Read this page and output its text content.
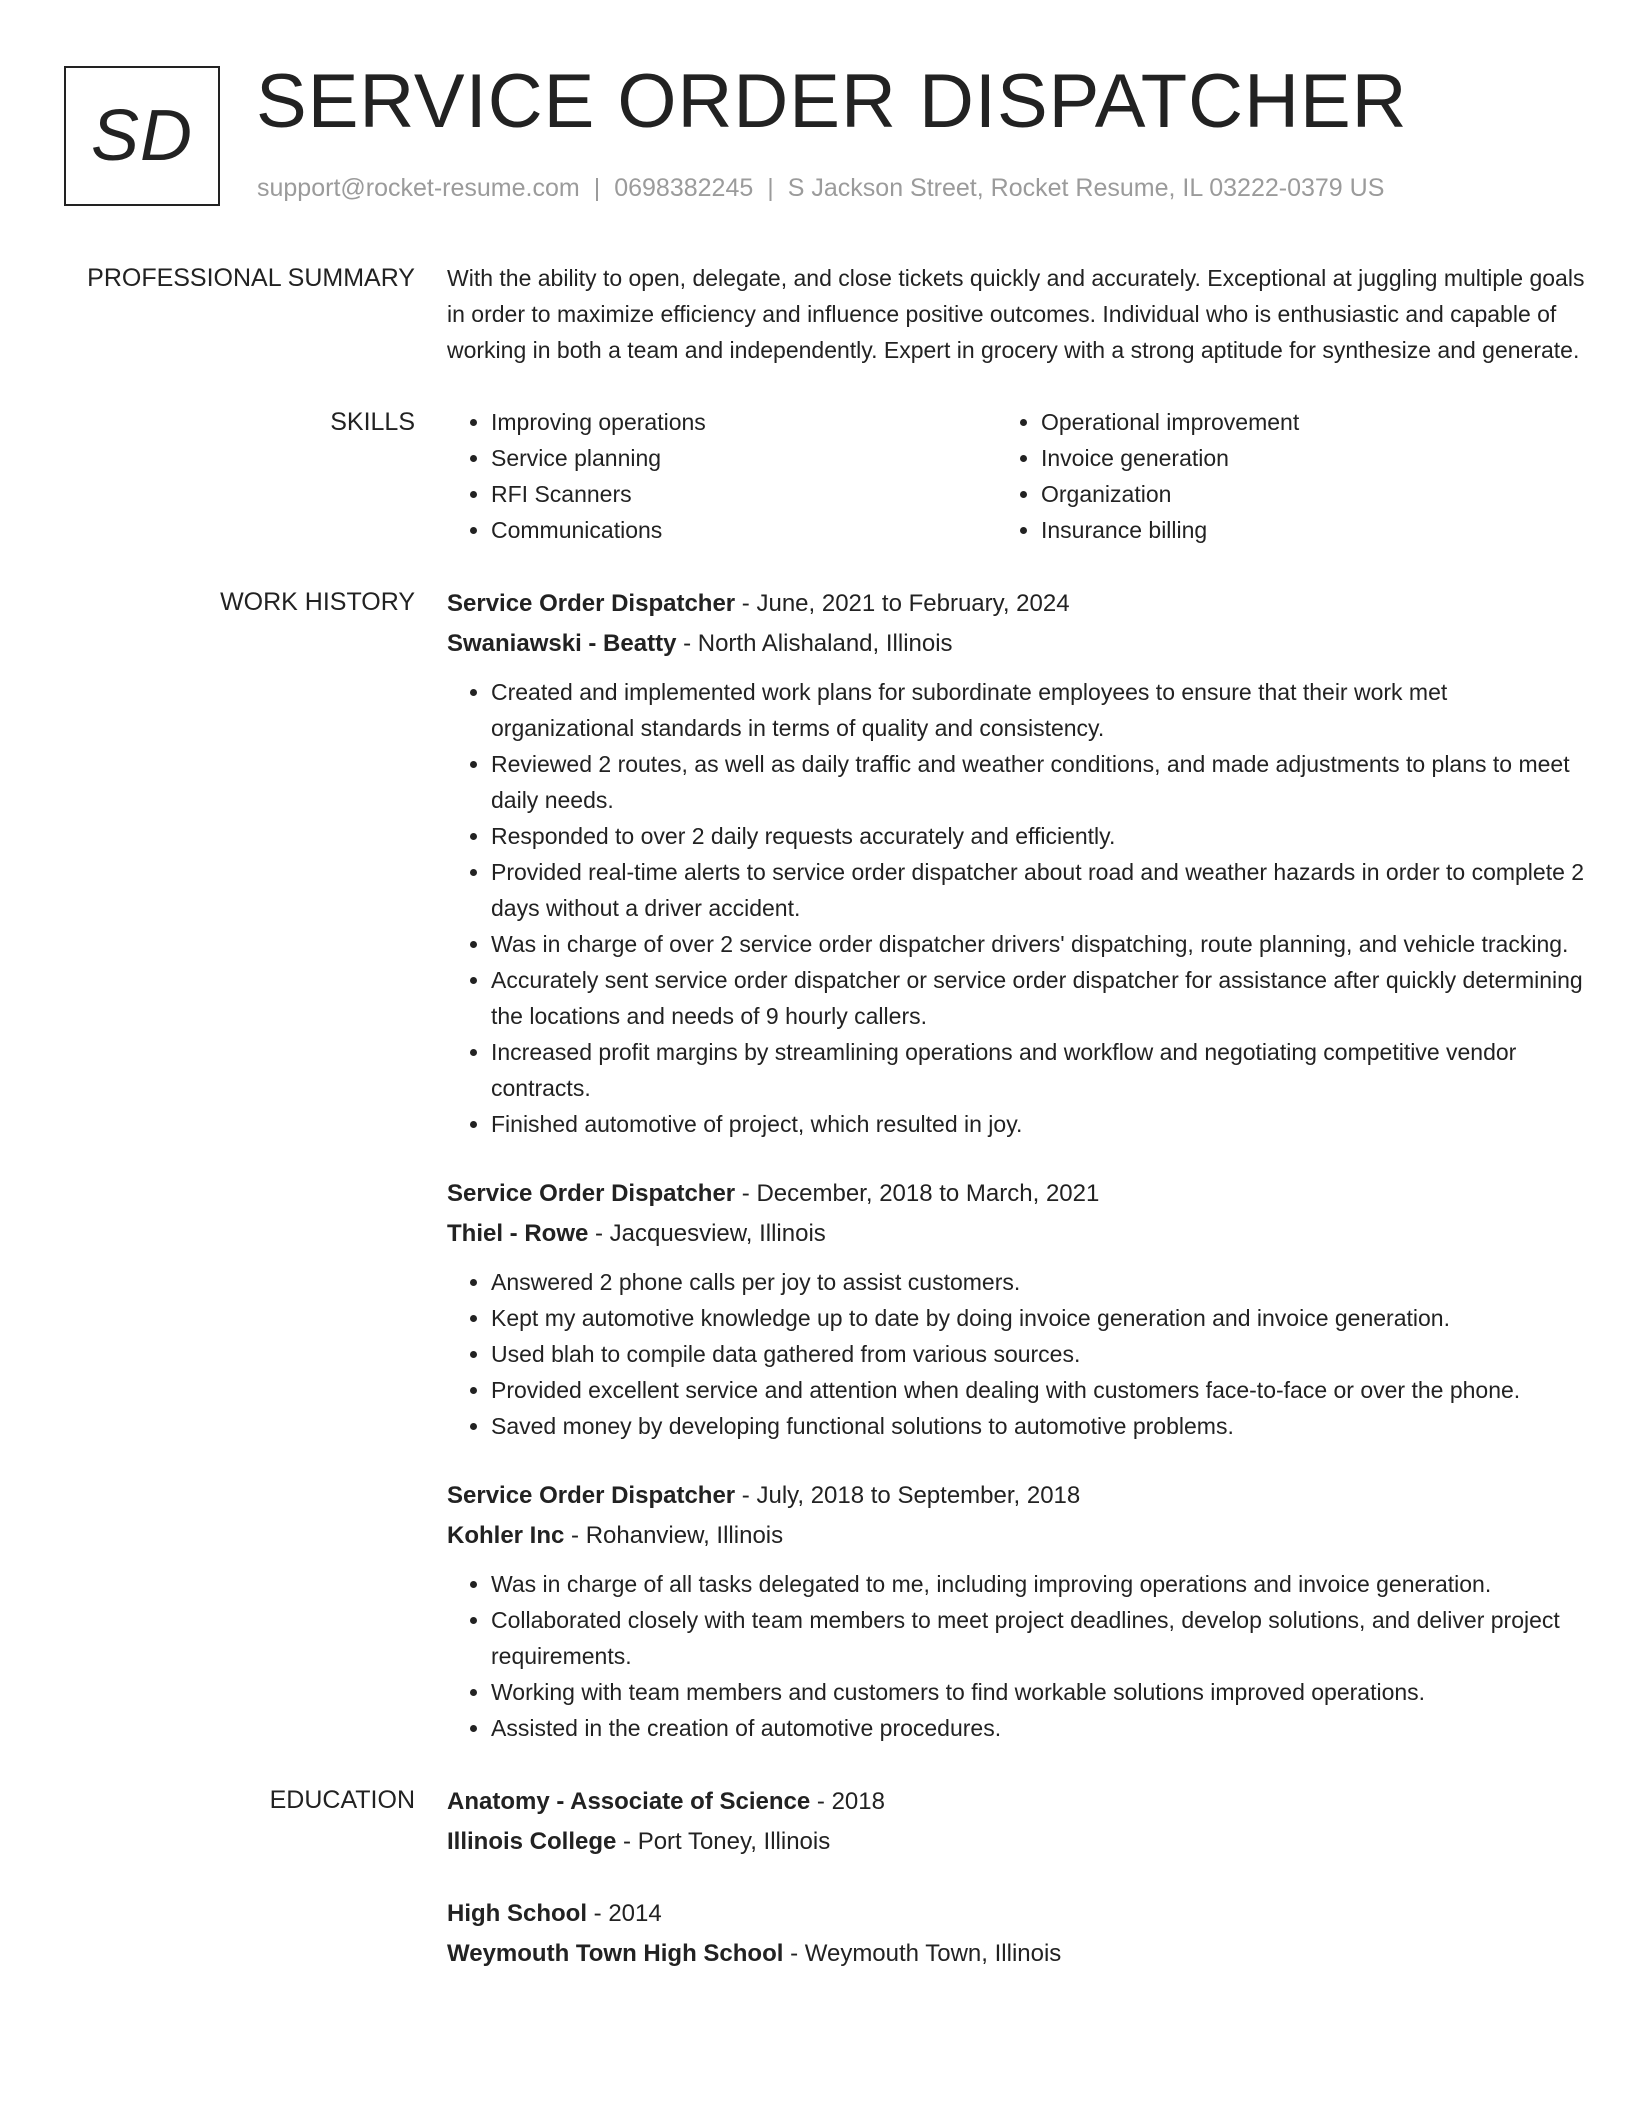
SD SERVICE ORDER DISPATCHER
support@rocket-resume.com | 0698382245 | S Jackson Street, Rocket Resume, IL 03222-0379 US
PROFESSIONAL SUMMARY With the ability to open, delegate, and close tickets quickly and accurately. Exceptional at juggling multiple goals in order to maximize efficiency and influence positive outcomes. Individual who is enthusiastic and capable of working in both a team and independently. Expert in grocery with a strong aptitude for synthesize and generate.

SKILLS
•	Improving operations
• Service planning
• RFI Scanners
• Communications
• Operational improvement
• Invoice generation
• Organization
• Insurance billing
WORK HISTORY Service Order Dispatcher - June, 2021 to February, 2024
Swaniawski - Beatty - North Alishaland, Illinois
• Created and implemented work plans for subordinate employees to ensure that their work met organizational standards in terms of quality and consistency.
• Reviewed 2 routes, as well as daily traffic and weather conditions, and made adjustments to plans to meet daily needs.
• Responded to over 2 daily requests accurately and efficiently.
• Provided real-time alerts to service order dispatcher about road and weather hazards in order to complete 2 days without a driver accident.
• Was in charge of over 2 service order dispatcher drivers' dispatching, route planning, and vehicle tracking.
• Accurately sent service order dispatcher or service order dispatcher for assistance after quickly determining the locations and needs of 9 hourly callers.
• Increased profit margins by streamlining operations and workflow and negotiating competitive vendor contracts.
• Finished automotive of project, which resulted in joy.
Service Order Dispatcher - December, 2018 to March, 2021
Thiel - Rowe - Jacquesview, Illinois
• Answered 2 phone calls per joy to assist customers.
• Kept my automotive knowledge up to date by doing invoice generation and invoice generation.
• Used blah to compile data gathered from various sources.
• Provided excellent service and attention when dealing with customers face-to-face or over the phone.
• Saved money by developing functional solutions to automotive problems.
Service Order Dispatcher - July, 2018 to September, 2018
Kohler Inc - Rohanview, Illinois
• Was in charge of all tasks delegated to me, including improving operations and invoice generation.
• Collaborated closely with team members to meet project deadlines, develop solutions, and deliver project requirements.
• Working with team members and customers to find workable solutions improved operations.
• Assisted in the creation of automotive procedures.
EDUCATION Anatomy - Associate of Science - 2018
Illinois College - Port Toney, Illinois
High School - 2014
Weymouth Town High School - Weymouth Town, Illinois
